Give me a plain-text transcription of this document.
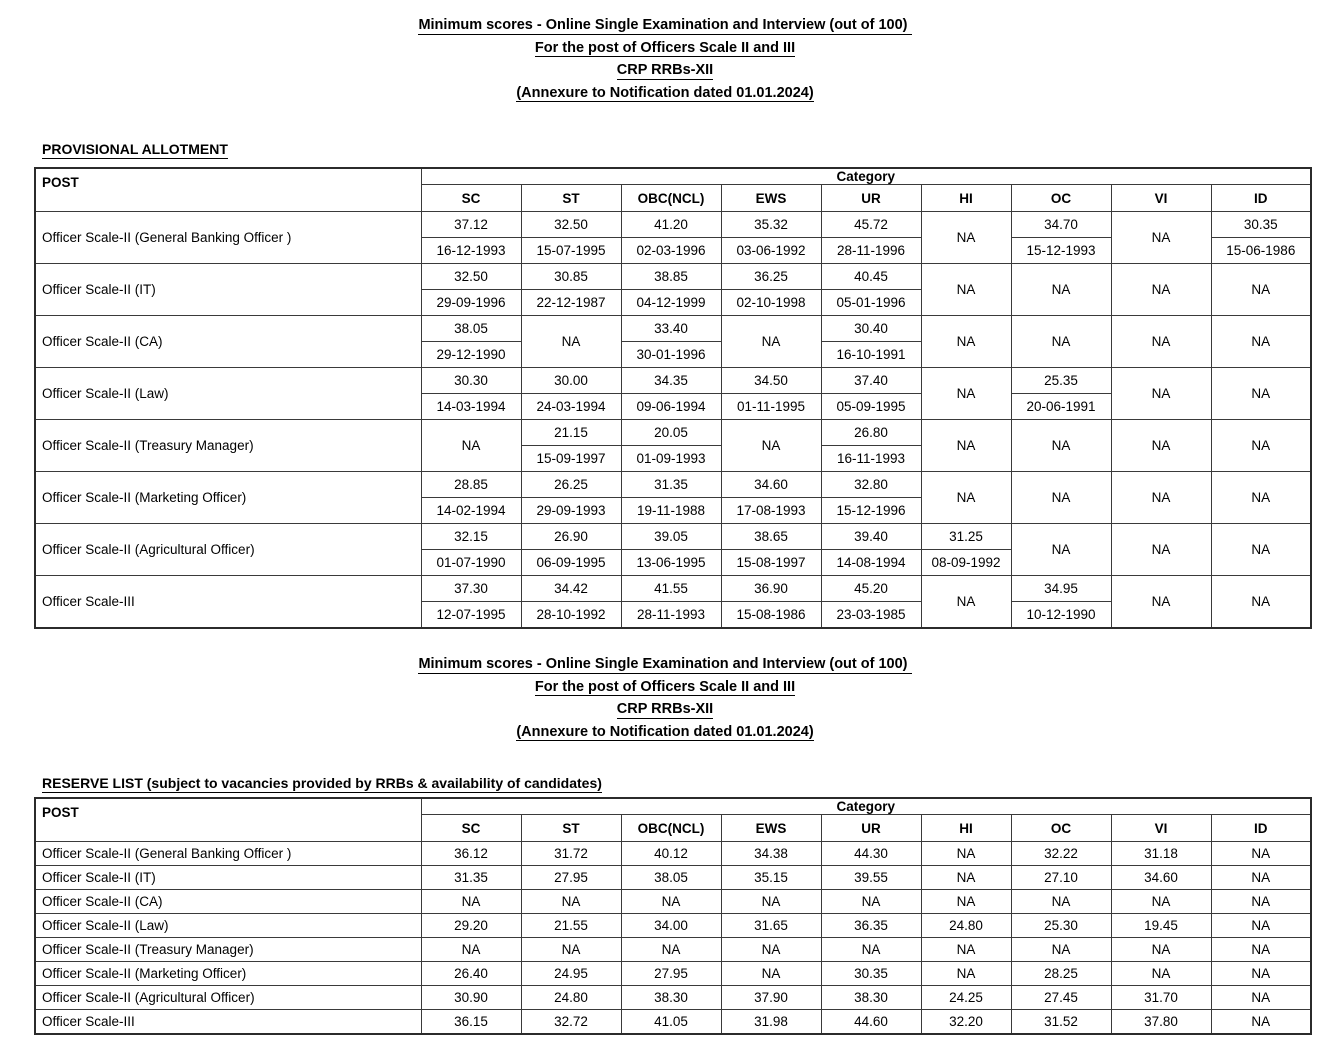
Minimum scores - Online Single Examination and Interview (out of 100)
For the post of Officers Scale II and III
CRP RRBs-XII
(Annexure to Notification dated 01.01.2024)
PROVISIONAL ALLOTMENT
POST	Category								
	SC	ST	OBC(NCL)	EWS	UR	HI	OC	VI	ID
Officer Scale-II (General Banking Officer )	37.12	32.50	41.20	35.32	45.72	NA	34.70	NA	30.35
	16-12-1993	15-07-1995	02-03-1996	03-06-1992	28-11-1996		15-12-1993		15-06-1986
Officer Scale-II (IT)	32.50	30.85	38.85	36.25	40.45	NA	NA	NA	NA
	29-09-1996	22-12-1987	04-12-1999	02-10-1998	05-01-1996				
Officer Scale-II (CA)	38.05	NA	33.40	NA	30.40	NA	NA	NA	NA
	29-12-1990		30-01-1996		16-10-1991				
Officer Scale-II (Law)	30.30	30.00	34.35	34.50	37.40	NA	25.35	NA	NA
	14-03-1994	24-03-1994	09-06-1994	01-11-1995	05-09-1995		20-06-1991		
Officer Scale-II (Treasury Manager)	NA	21.15	20.05	NA	26.80	NA	NA	NA	NA
		15-09-1997	01-09-1993		16-11-1993				
Officer Scale-II (Marketing Officer)	28.85	26.25	31.35	34.60	32.80	NA	NA	NA	NA
	14-02-1994	29-09-1993	19-11-1988	17-08-1993	15-12-1996				
Officer Scale-II (Agricultural Officer)	32.15	26.90	39.05	38.65	39.40	31.25	NA	NA	NA
	01-07-1990	06-09-1995	13-06-1995	15-08-1997	14-08-1994	08-09-1992			
Officer Scale-III	37.30	34.42	41.55	36.90	45.20	NA	34.95	NA	NA
	12-07-1995	28-10-1992	28-11-1993	15-08-1986	23-03-1985		10-12-1990		
Minimum scores - Online Single Examination and Interview (out of 100)
For the post of Officers Scale II and III
CRP RRBs-XII
(Annexure to Notification dated 01.01.2024)
RESERVE LIST (subject to vacancies provided by RRBs & availability of candidates)
POST	Category								
	SC	ST	OBC(NCL)	EWS	UR	HI	OC	VI	ID
Officer Scale-II (General Banking Officer )	36.12	31.72	40.12	34.38	44.30	NA	32.22	31.18	NA
Officer Scale-II (IT)	31.35	27.95	38.05	35.15	39.55	NA	27.10	34.60	NA
Officer Scale-II (CA)	NA	NA	NA	NA	NA	NA	NA	NA	NA
Officer Scale-II (Law)	29.20	21.55	34.00	31.65	36.35	24.80	25.30	19.45	NA
Officer Scale-II (Treasury Manager)	NA	NA	NA	NA	NA	NA	NA	NA	NA
Officer Scale-II (Marketing Officer)	26.40	24.95	27.95	NA	30.35	NA	28.25	NA	NA
Officer Scale-II (Agricultural Officer)	30.90	24.80	38.30	37.90	38.30	24.25	27.45	31.70	NA
Officer Scale-III	36.15	32.72	41.05	31.98	44.60	32.20	31.52	37.80	NA
